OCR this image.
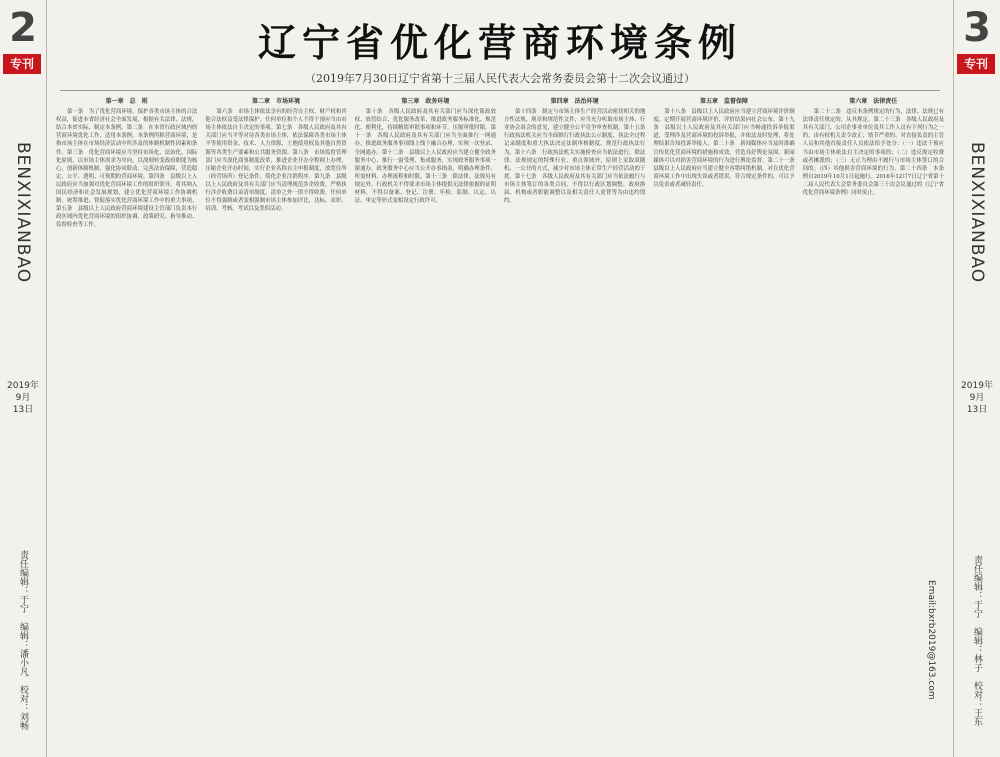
2
专刊
BENXIXIANBAO
2019年
9月
13日
责任编辑：于宁　编辑：潘小凡　校对：刘畅　
3
专刊
BENXIXIANBAO
2019年
9月
13日
责任编辑：于宁　编辑：林子　校对：王东　Email:bxrb2019@163.com
辽宁省优化营商环境条例
（2019年7月30日辽宁省第十三届人民代表大会常务委员会第十二次会议通过）
第一章　总　则

第一条　为了优化营商环境，保护各类市场主体的合法权益，促进本省经济社会全面发展，根据有关法律、法规，结合本省实际，制定本条例。第二条　在本省行政区域内的营商环境优化工作，适用本条例。本条例所称营商环境，是指市场主体在市场经济活动中所涉及的体制机制性因素和条件。第三条　优化营商环境应当坚持市场化、法治化、国际化原则，以市场主体需求为导向，以深刻转变政府职能为核心，创新体制机制、强化协同联动、完善法治保障，营造稳定、公平、透明、可预期的营商环境。第四条　县级以上人民政府应当加强对优化营商环境工作的组织领导，将其纳入国民经济和社会发展规划，建立优化营商环境工作协调机制，统筹推进、督促落实优化营商环境工作中的重大事项。第五条　县级以上人民政府营商环境建设主管部门负责本行政区域内优化营商环境的组织协调、政策研究、指导推动、监督检查等工作。

第二章　市场环境

第六条　市场主体依法享有的经营自主权、财产权和其他合法权益受法律保护。任何单位和个人不得干预应当由市场主体依法自主决定的事项。第七条　各级人民政府及其有关部门应当平等对待各类市场主体，依法保障各类市场主体平等使用资金、技术、人力资源、土地使用权及其他自然资源等各类生产要素和公共服务资源。第八条　市场监督管理部门应当深化商事制度改革，推进企业开办全程网上办理，压缩企业开办时间，实行企业名称自主申报制度，放宽住所（经营场所）登记条件，简化企业注销程序。第九条　县级以上人民政府及其有关部门应当清理规范涉企收费，严格执行涉企收费目录清单制度，清单之外一律不得收费。任何单位不得强制或者变相强制市场主体参加评比、达标、表彰、培训、考核、考试以及类似活动。

第三章　政务环境

第十条　各级人民政府及其有关部门应当深化简政放权、放管结合、优化服务改革，推进政务服务标准化、规范化、便利化，持续精简审批事项和环节，压缩审批时限。第十一条　各级人民政府及其有关部门应当全面推行一网通办，推进政务服务事项线上线下融合办理，实现一次登录、全网通办。第十二条　县级以上人民政府应当建立健全政务服务中心，推行一窗受理、集成服务，实现政务服务事项一窗通办。政务服务中心应当公开办事指南，明确办理条件、所需材料、办理流程和时限。第十三条　除法律、法规另有规定外，行政机关不得要求市场主体提供无法律依据的证明材料，不得以备案、登记、注册、年检、监制、认定、认证、审定等形式变相设定行政许可。

第四章　法治环境

第十四条　制定与市场主体生产经营活动密切相关的地方性法规、规章和规范性文件，应当充分听取市场主体、行业协会商会的意见，建立健全公平竞争审查机制。第十五条　行政执法机关应当全面推行行政执法公示制度、执法全过程记录制度和重大执法决定法制审核制度，规范行政执法行为。第十六条　行政执法机关实施检查应当依法进行，除法律、法规规定的特殊行业、重点领域外，原则上采取双随机、一公开的方式，减少对市场主体正常生产经营活动的干扰。第十七条　各级人民政府及其有关部门应当依法履行与市场主体签订的各类合同，不得以行政区划调整、政府换届、机构或者职能调整以及相关责任人更替等为由违约毁约。

第五章　监督保障

第十八条　县级以上人民政府应当建立营商环境评价制度，定期开展营商环境评价，评价结果向社会公布。第十九条　县级以上人民政府及其有关部门应当畅通投诉举报渠道，受理涉及营商环境的投诉举报，并依法及时处理，将处理结果告知投诉举报人。第二十条　新闻媒体应当及时准确宣传优化营商环境的措施和成效，营造良好舆论氛围。新闻媒体可以对损害营商环境的行为进行舆论监督。第二十一条　县级以上人民政府应当建立健全容错纠错机制，对在优化营商环境工作中出现失误或者错误，符合规定条件的，可以予以免责或者减轻责任。

第六章　法律责任

第二十二条　违反本条例规定的行为，法律、法规已有法律责任规定的，从其规定。第二十三条　各级人民政府及其有关部门、公用企事业单位及其工作人员有下列行为之一的，由有权机关责令改正；情节严重的，对直接负责的主管人员和其他直接责任人员依法给予处分：（一）违法干预应当由市场主体依法自主决定的事项的；（二）违反规定收费或者摊派的；（三）无正当理由不履行与市场主体签订的合同的；（四）其他损害营商环境的行为。第二十四条　本条例自2019年10月1日起施行。2016年12月7日辽宁省第十二届人民代表大会常务委员会第三十次会议通过的《辽宁省优化营商环境条例》同时废止。
